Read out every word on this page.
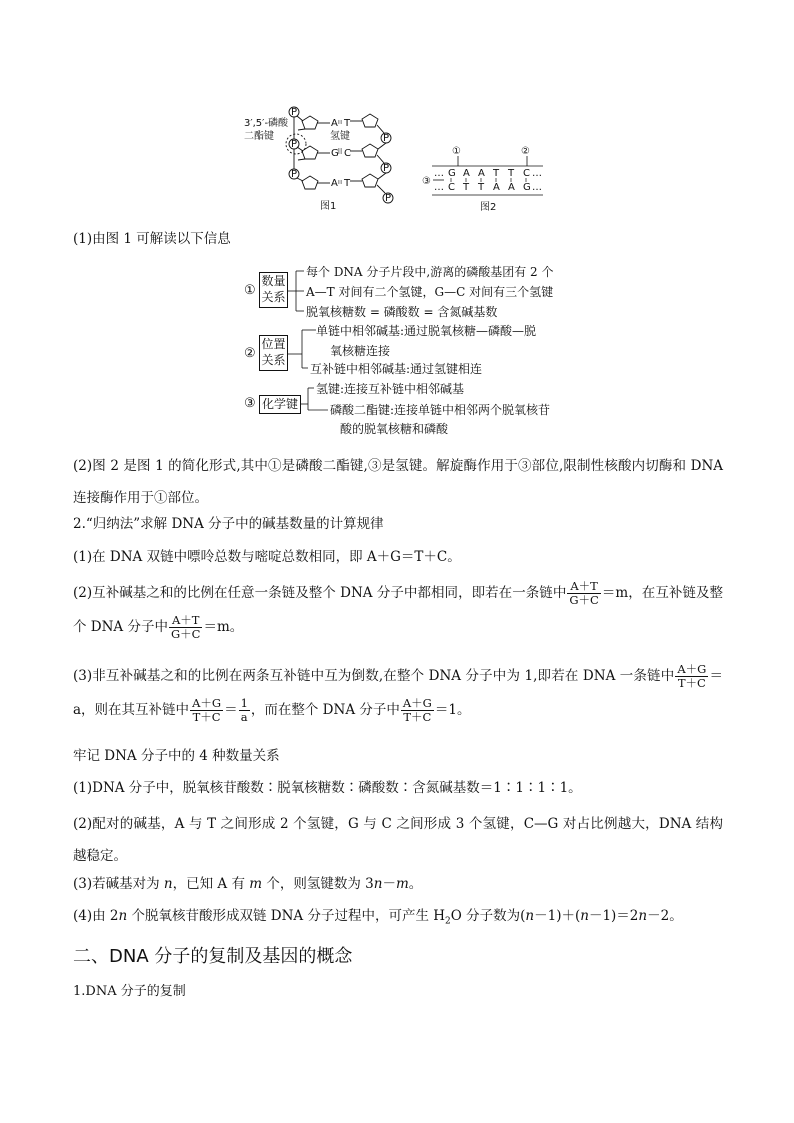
3′,5′-磷酸
二酯键	氢键
P
P
P
P
P
P
A T
G C
A T
图1
①	②
③
…	…
…	…
G A A T T C
C T T A A G
图2
(1)由图 1 可解读以下信息
①
数量
关系
每个 DNA 分子片段中,游离的磷酸基团有 2 个
A—T 对间有二个氢键，G—C 对间有三个氢键
脱氧核糖数 = 磷酸数 = 含氮碱基数
②
位置
关系
单链中相邻碱基:通过脱氧核糖—磷酸—脱
氧核糖连接
互补链中相邻碱基:通过氢键相连
③ 化学键
氢键:连接互补链中相邻碱基
磷酸二酯键:连接单链中相邻两个脱氧核苷
酸的脱氧核糖和磷酸
(2)图 2 是图 1 的简化形式,其中①是磷酸二酯键,③是氢键。解旋酶作用于③部位,限制性核酸内切酶和 DNA 连接酶作用于①部位。
2.“归纳法”求解 DNA 分子中的碱基数量的计算规律
(1)在 DNA 双链中嘌呤总数与嘧啶总数相同，即 A＋G＝T＋C。
(2)互补碱基之和的比例在任意一条链及整个 DNA 分子中都相同，即若在一条链中 $\frac{A+T}{G+C} =m$，在互补链及整个 DNA 分子中 $\frac{A+T}{G+C} =m$。
(3)非互补碱基之和的比例在两条互补链中互为倒数,在整个 DNA 分子中为 1,即若在 DNA 一条链中 $\frac{A+G}{T+C} =a$，则在其互补链中 $\frac{A+G}{T+C} = \frac{1}{a}$ ，而在整个 DNA 分子中 $\frac{A+G}{T+C} =1$。
牢记 DNA 分子中的 4 种数量关系
(1)DNA 分子中，脱氧核苷酸数∶脱氧核糖数∶磷酸数∶含氮碱基数＝1∶1∶1∶1。
(2)配对的碱基，A 与 T 之间形成 2 个氢键，G 与 C 之间形成 3 个氢键，C—G 对占比例越大，DNA 结构越稳定。
(3)若碱基对为 n，已知 A 有 m 个，则氢键数为 3n－m。
(4)由 2n 个脱氧核苷酸形成双链 DNA 分子过程中，可产生 $H_2O$ 分子数为(n－1)＋(n－1)＝2n－2。
二、DNA 分子的复制及基因的概念
1.DNA 分子的复制
